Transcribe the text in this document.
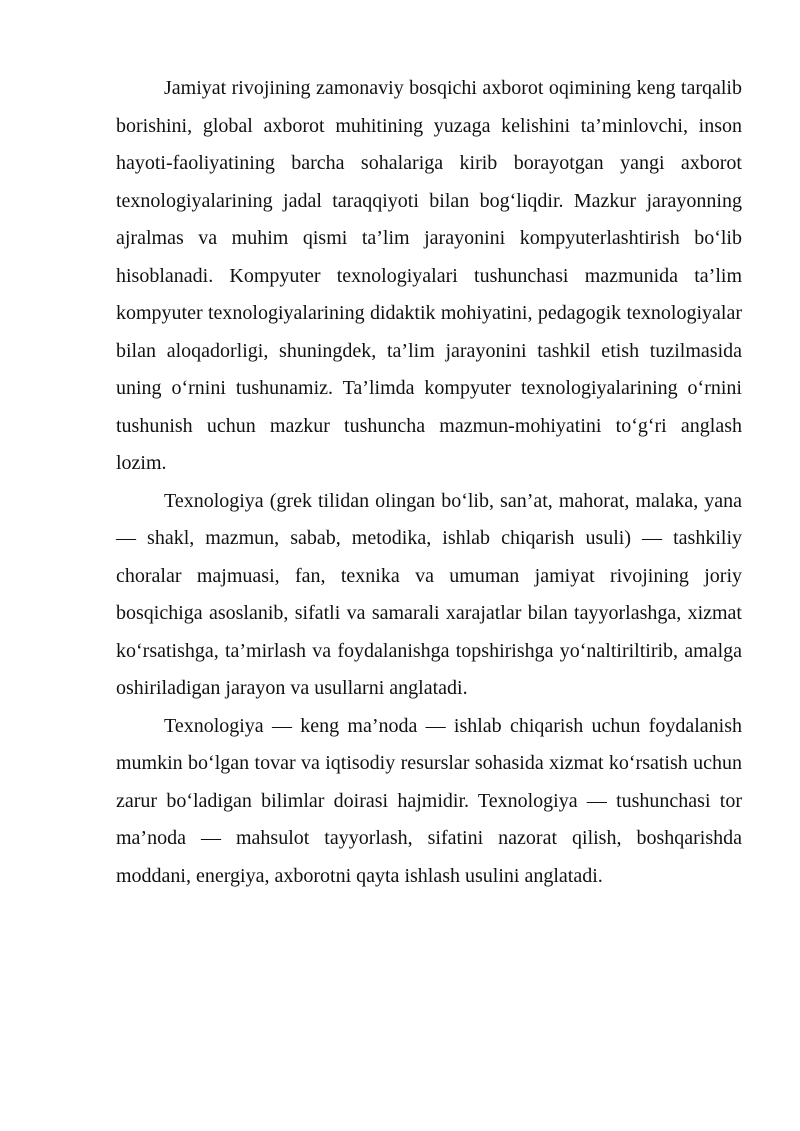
Jamiyat rivojining zamonaviy bosqichi axborot oqimining keng tarqalib borishini, global axborot muhitining yuzaga kelishini ta’minlovchi, inson hayoti-faoliyatining barcha sohalariga kirib borayotgan yangi axborot texnologiyalarining jadal taraqqiyoti bilan bog‘liqdir. Mazkur jarayonning ajralmas va muhim qismi ta’lim jarayonini kompyuterlashtirish bo‘lib hisoblanadi. Kompyuter texnologiyalari tushunchasi mazmunida ta’lim kompyuter texnologiyalarining didaktik mohiyatini, pedagogik texnologiyalar bilan aloqadorligi, shuningdek, ta’lim jarayonini tashkil etish tuzilmasida uning o‘rnini tushunamiz. Ta’limda kompyuter texnologiyalarining o‘rnini tushunish uchun mazkur tushuncha mazmun-mohiyatini to‘g‘ri anglash lozim.

Texnologiya (grek tilidan olingan bo‘lib, san’at, mahorat, malaka, yana — shakl, mazmun, sabab, metodika, ishlab chiqarish usuli) — tashkiliy choralar majmuasi, fan, texnika va umuman jamiyat rivojining joriy bosqichiga asoslanib, sifatli va samarali xarajatlar bilan tayyorlashga, xizmat ko‘rsatishga, ta’mirlash va foydalanishga topshirishga yo‘naltiriltirib, amalga oshiriladigan jarayon va usullarni anglatadi.

Texnologiya — keng ma’noda — ishlab chiqarish uchun foydalanish mumkin bo‘lgan tovar va iqtisodiy resurslar sohasida xizmat ko‘rsatish uchun zarur bo‘ladigan bilimlar doirasi hajmidir. Texnologiya — tushunchasi tor ma’noda — mahsulot tayyorlash, sifatini nazorat qilish, boshqarishda moddani, energiya, axborotni qayta ishlash usulini anglatadi.
